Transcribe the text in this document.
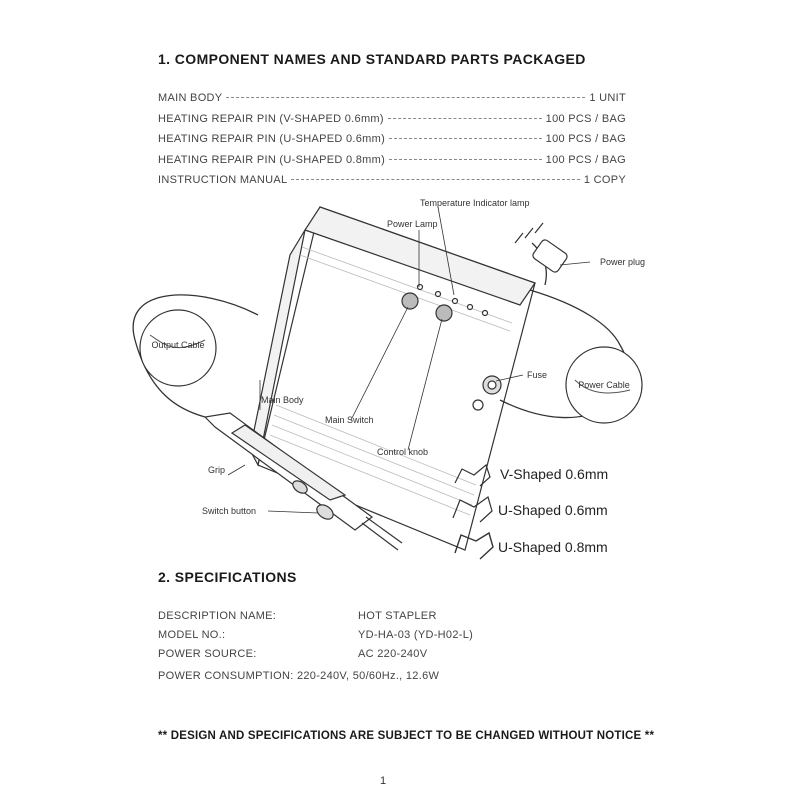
1. COMPONENT NAMES AND STANDARD PARTS PACKAGED
MAIN BODY	1 UNIT
HEATING REPAIR PIN (V-SHAPED 0.6mm)	100 PCS / BAG
HEATING REPAIR PIN (U-SHAPED 0.6mm)	100 PCS / BAG
HEATING REPAIR PIN (U-SHAPED 0.8mm)	100 PCS / BAG
INSTRUCTION MANUAL	1 COPY
Output Cable
Power Cable
Temperature Indicator lamp
Power Lamp
Power plug
Fuse
Main Body
Main Switch
Control knob
Grip
Switch button
V-Shaped 0.6mm
U-Shaped 0.6mm
U-Shaped 0.8mm
2. SPECIFICATIONS
DESCRIPTION NAME:	HOT STAPLER
MODEL NO.:	YD-HA-03 (YD-H02-L)
POWER SOURCE:	AC 220-240V
POWER CONSUMPTION: 220-240V, 50/60Hz., 12.6W
** DESIGN AND SPECIFICATIONS ARE SUBJECT TO BE CHANGED WITHOUT NOTICE **
1
